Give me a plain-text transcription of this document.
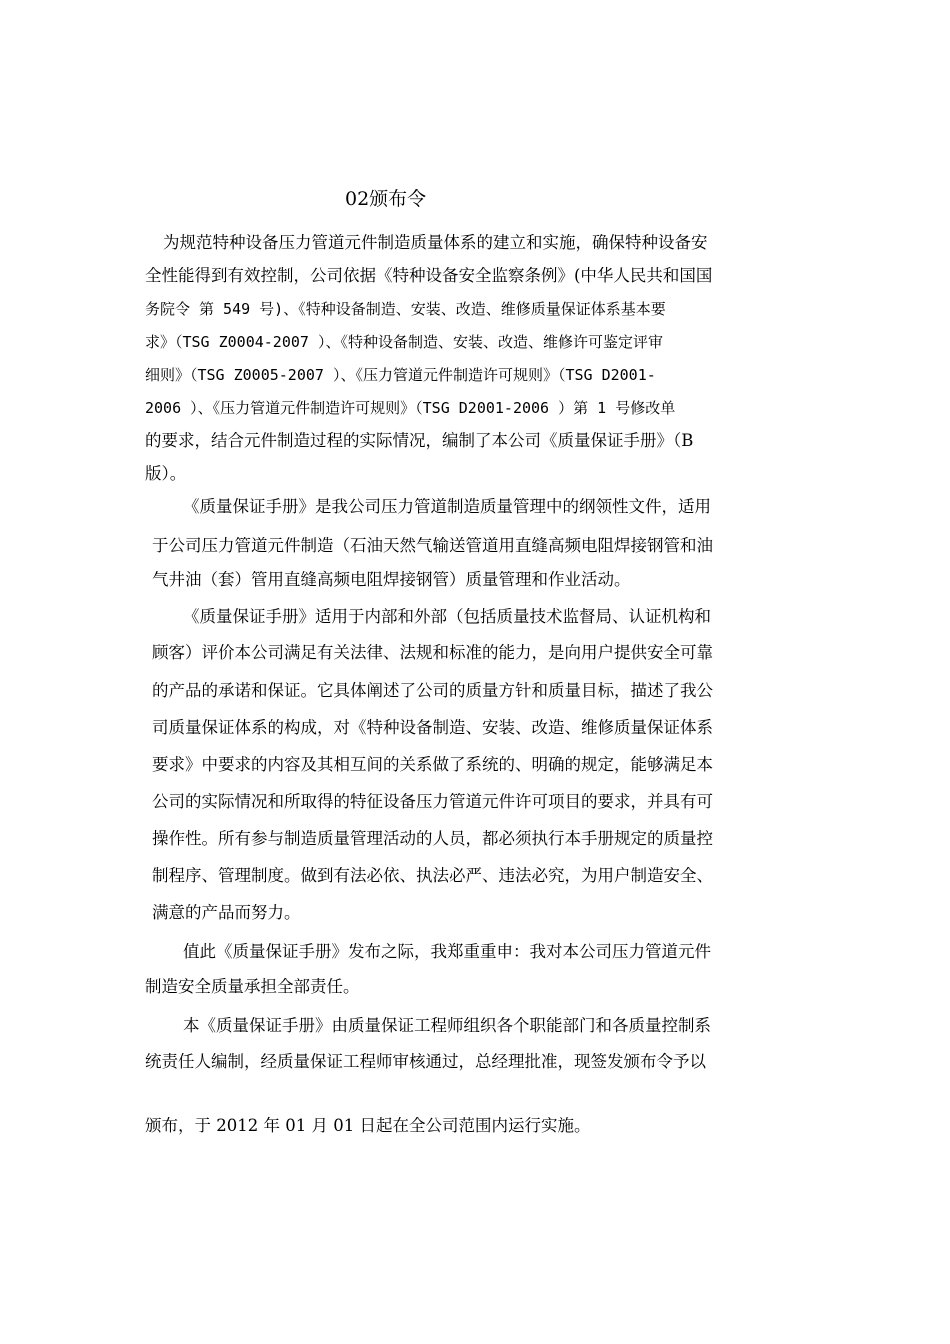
02颁布令
为规范特种设备压力管道元件制造质量体系的建立和实施，确保特种设备安
全性能得到有效控制，公司依据《特种设备安全监察条例》(中华人民共和国国
务院令 第 549 号)、《特种设备制造、安装、改造、维修质量保证体系基本要
求》（TSG Z0004-2007 ）、《特种设备制造、安装、改造、维修许可鉴定评审
细则》（TSG Z0005-2007 ）、《压力管道元件制造许可规则》（TSG D2001-
2006 ）、《压力管道元件制造许可规则》（TSG D2001-2006 ）第 1 号修改单
的要求，结合元件制造过程的实际情况，编制了本公司《质量保证手册》（B
版）。
《质量保证手册》是我公司压力管道制造质量管理中的纲领性文件，适用
于公司压力管道元件制造（石油天然气输送管道用直缝高频电阻焊接钢管和油
气井油（套）管用直缝高频电阻焊接钢管）质量管理和作业活动。
《质量保证手册》适用于内部和外部（包括质量技术监督局、认证机构和
顾客）评价本公司满足有关法律、法规和标准的能力，是向用户提供安全可靠
的产品的承诺和保证。它具体阐述了公司的质量方针和质量目标，描述了我公
司质量保证体系的构成，对《特种设备制造、安装、改造、维修质量保证体系
要求》中要求的内容及其相互间的关系做了系统的、明确的规定，能够满足本
公司的实际情况和所取得的特征设备压力管道元件许可项目的要求，并具有可
操作性。所有参与制造质量管理活动的人员，都必须执行本手册规定的质量控
制程序、管理制度。做到有法必依、执法必严、违法必究，为用户制造安全、
满意的产品而努力。
值此《质量保证手册》发布之际，我郑重重申：我对本公司压力管道元件
制造安全质量承担全部责任。
本《质量保证手册》由质量保证工程师组织各个职能部门和各质量控制系
统责任人编制，经质量保证工程师审核通过，总经理批准，现签发颁布令予以
颁布，于 2012 年 01 月 01 日起在全公司范围内运行实施。
